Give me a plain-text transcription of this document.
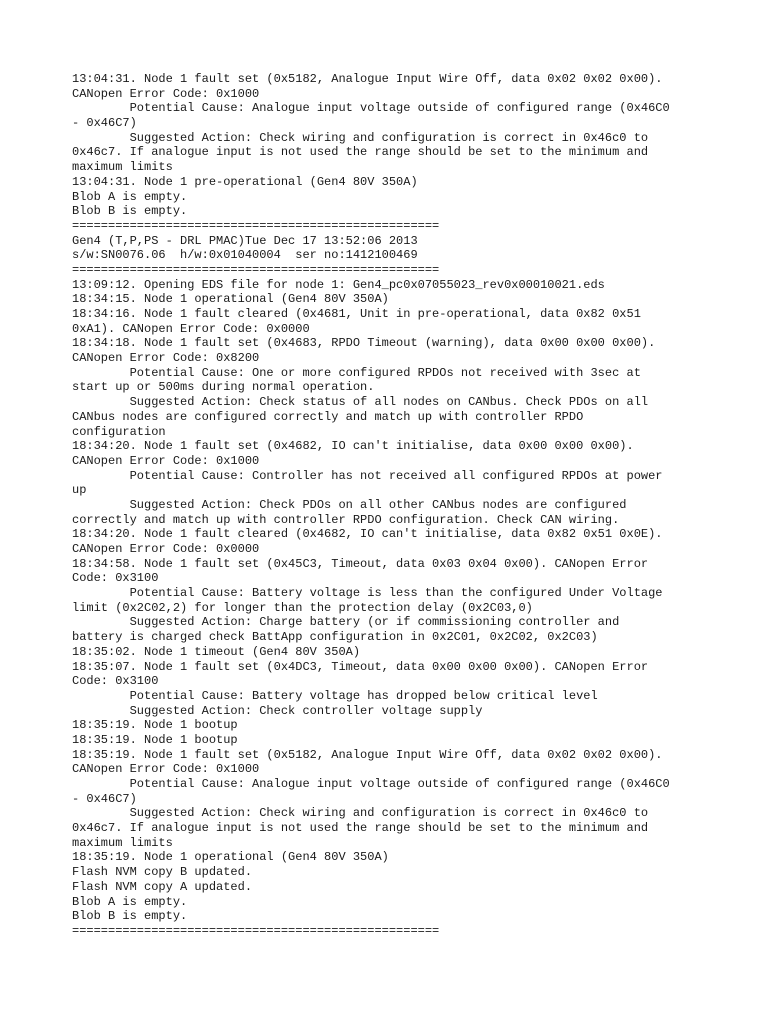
13:04:31. Node 1 fault set (0x5182, Analogue Input Wire Off, data 0x02 0x02 0x00).
CANopen Error Code: 0x1000
Potential Cause: Analogue input voltage outside of configured range (0x46C0
- 0x46C7)
Suggested Action: Check wiring and configuration is correct in 0x46c0 to
0x46c7. If analogue input is not used the range should be set to the minimum and
maximum limits
13:04:31. Node 1 pre-operational (Gen4 80V 350A)
Blob A is empty.
Blob B is empty.
===================================================
Gen4 (T,P,PS - DRL PMAC)Tue Dec 17 13:52:06 2013
s/w:SN0076.06  h/w:0x01040004  ser no:1412100469
===================================================
13:09:12. Opening EDS file for node 1: Gen4_pc0x07055023_rev0x00010021.eds
18:34:15. Node 1 operational (Gen4 80V 350A)
18:34:16. Node 1 fault cleared (0x4681, Unit in pre-operational, data 0x82 0x51
0xA1). CANopen Error Code: 0x0000
18:34:18. Node 1 fault set (0x4683, RPDO Timeout (warning), data 0x00 0x00 0x00).
CANopen Error Code: 0x8200
Potential Cause: One or more configured RPDOs not received with 3sec at
start up or 500ms during normal operation.
Suggested Action: Check status of all nodes on CANbus. Check PDOs on all
CANbus nodes are configured correctly and match up with controller RPDO
configuration
18:34:20. Node 1 fault set (0x4682, IO can't initialise, data 0x00 0x00 0x00).
CANopen Error Code: 0x1000
Potential Cause: Controller has not received all configured RPDOs at power
up
Suggested Action: Check PDOs on all other CANbus nodes are configured
correctly and match up with controller RPDO configuration. Check CAN wiring.
18:34:20. Node 1 fault cleared (0x4682, IO can't initialise, data 0x82 0x51 0x0E).
CANopen Error Code: 0x0000
18:34:58. Node 1 fault set (0x45C3, Timeout, data 0x03 0x04 0x00). CANopen Error
Code: 0x3100
Potential Cause: Battery voltage is less than the configured Under Voltage
limit (0x2C02,2) for longer than the protection delay (0x2C03,0)
Suggested Action: Charge battery (or if commissioning controller and
battery is charged check BattApp configuration in 0x2C01, 0x2C02, 0x2C03)
18:35:02. Node 1 timeout (Gen4 80V 350A)
18:35:07. Node 1 fault set (0x4DC3, Timeout, data 0x00 0x00 0x00). CANopen Error
Code: 0x3100
Potential Cause: Battery voltage has dropped below critical level
Suggested Action: Check controller voltage supply
18:35:19. Node 1 bootup
18:35:19. Node 1 bootup
18:35:19. Node 1 fault set (0x5182, Analogue Input Wire Off, data 0x02 0x02 0x00).
CANopen Error Code: 0x1000
Potential Cause: Analogue input voltage outside of configured range (0x46C0
- 0x46C7)
Suggested Action: Check wiring and configuration is correct in 0x46c0 to
0x46c7. If analogue input is not used the range should be set to the minimum and
maximum limits
18:35:19. Node 1 operational (Gen4 80V 350A)
Flash NVM copy B updated.
Flash NVM copy A updated.
Blob A is empty.
Blob B is empty.
===================================================
